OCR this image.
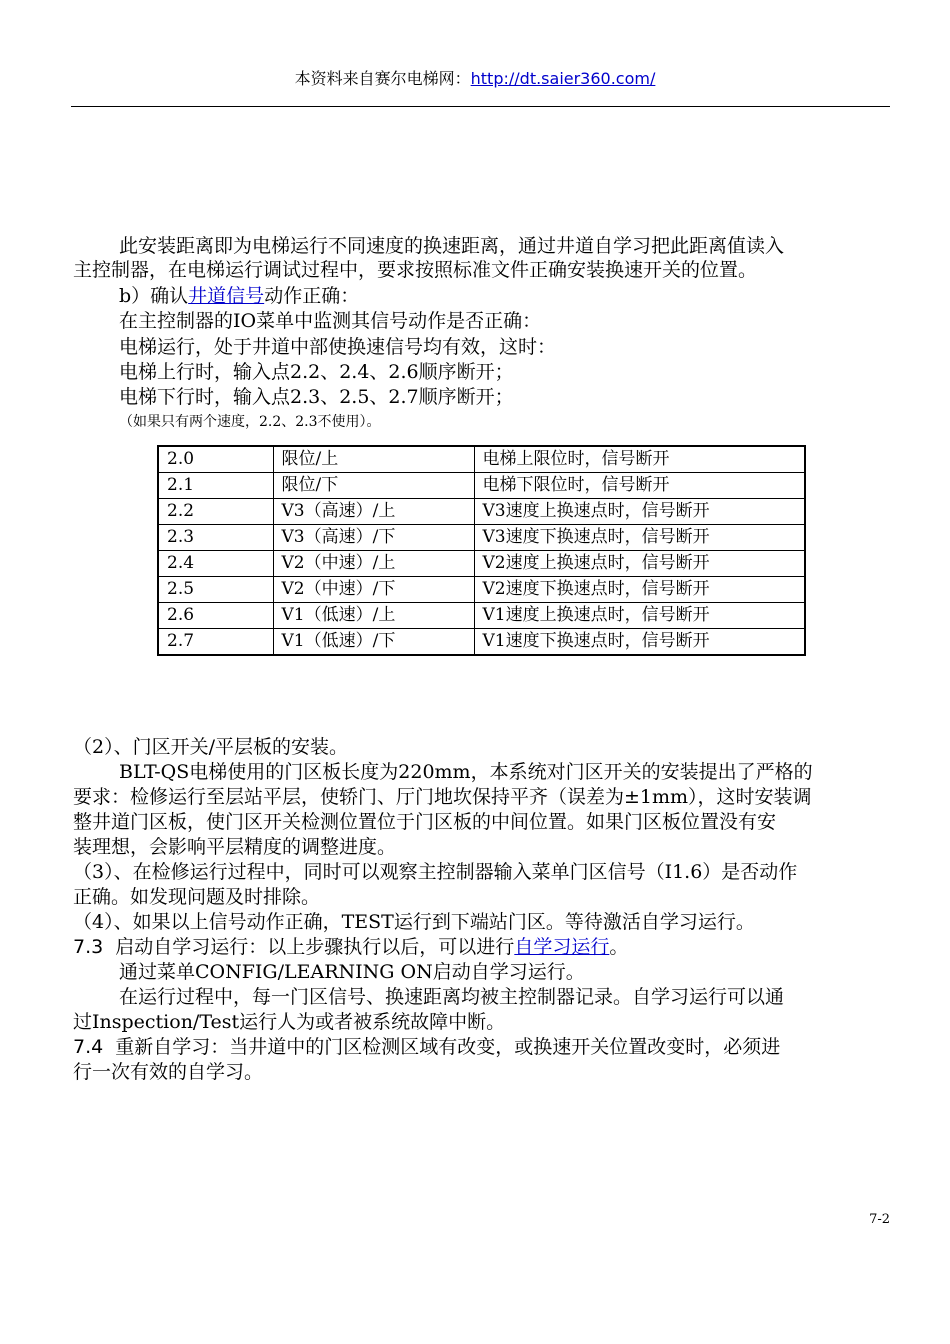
本资料来自赛尔电梯网：http://dt.saier360.com/
此安装距离即为电梯运行不同速度的换速距离，通过井道自学习把此距离值读入
主控制器，在电梯运行调试过程中，要求按照标准文件正确安装换速开关的位置。
b）确认井道信号动作正确：
在主控制器的IO菜单中监测其信号动作是否正确：
电梯运行，处于井道中部使换速信号均有效，这时：
电梯上行时，输入点2.2、2.4、2.6顺序断开；
电梯下行时，输入点2.3、2.5、2.7顺序断开；
（如果只有两个速度，2.2、2.3不使用）。
2.0	限位/上	电梯上限位时，信号断开
2.1	限位/下	电梯下限位时，信号断开
2.2	V3（高速）/上	V3速度上换速点时，信号断开
2.3	V3（高速）/下	V3速度下换速点时，信号断开
2.4	V2（中速）/上	V2速度上换速点时，信号断开
2.5	V2（中速）/下	V2速度下换速点时，信号断开
2.6	V1（低速）/上	V1速度上换速点时，信号断开
2.7	V1（低速）/下	V1速度下换速点时，信号断开
（2）、门区开关/平层板的安装。
BLT-QS电梯使用的门区板长度为220mm，本系统对门区开关的安装提出了严格的
要求：检修运行至层站平层，使轿门、厅门地坎保持平齐（误差为±1mm），这时安装调
整井道门区板，使门区开关检测位置位于门区板的中间位置。如果门区板位置没有安
装理想，会影响平层精度的调整进度。
（3）、在检修运行过程中，同时可以观察主控制器输入菜单门区信号（I1.6）是否动作
正确。如发现问题及时排除。
（4）、如果以上信号动作正确，TEST运行到下端站门区。等待激活自学习运行。
7.3  启动自学习运行：以上步骤执行以后，可以进行自学习运行。
通过菜单CONFIG/LEARNING ON启动自学习运行。
在运行过程中，每一门区信号、换速距离均被主控制器记录。自学习运行可以通
过Inspection/Test运行人为或者被系统故障中断。
7.4  重新自学习：当井道中的门区检测区域有改变，或换速开关位置改变时，必须进
行一次有效的自学习。
7-2
